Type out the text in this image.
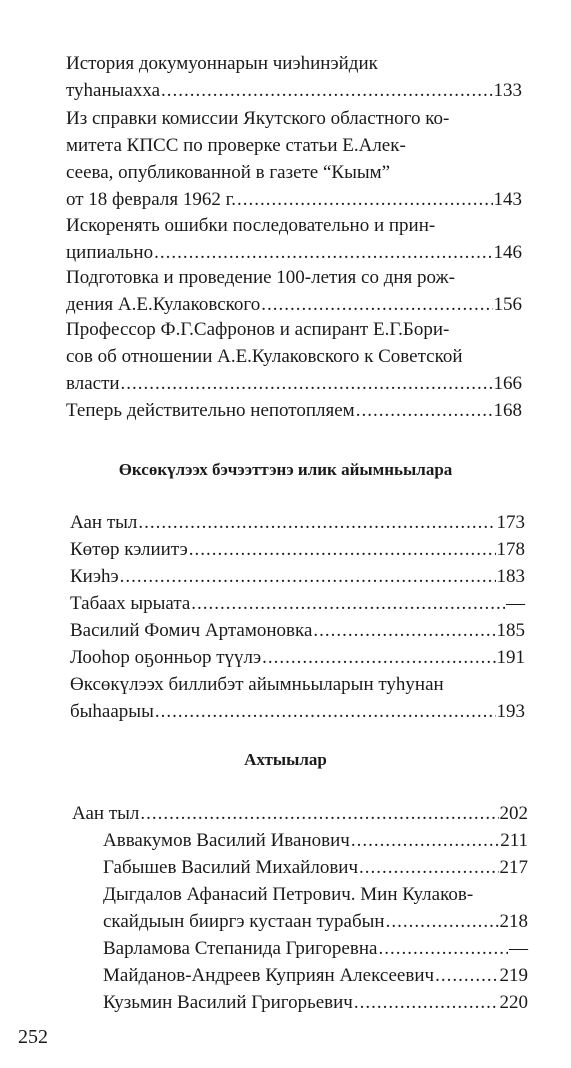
История докумуоннарын чиэһинэйдик
туһаныахха .....	133
Из справки комиссии Якутского областного ко-
митета КПСС по проверке статьи Е.Алек-
сеева, опубликованной в газете “Кыым”
от 18 февраля 1962 г. .....	143
Искоренять ошибки последовательно и прин-
ципиально .....	146
Подготовка и проведение 100-летия со дня рож-
дения А.Е.Кулаковского .....	156
Профессор Ф.Г.Сафронов и аспирант Е.Г.Бори-
сов об отношении А.Е.Кулаковского к Советской
власти .....	166
Теперь действительно непотопляем .....	168
Өксөкүлээх бэчээттэнэ илик айымньылара
Аан тыл .....	173
Көтөр кэлиитэ .....	178
Киэһэ .....	183
Табаах ырыата .....	—
Василий Фомич Артамоновка .....	185
Лооһор оҕонньор түүлэ .....	191
Өксөкүлээх биллибэт айымньыларын туһунан
быһаарыы .....	193
Ахтыылар
Аан тыл .....	202
Аввакумов Василий Иванович .....	211
Габышев Василий Михайлович .....	217
Дыгдалов Афанасий Петрович. Мин Кулаков-
скайдыын бииргэ кустаан турабын .....	218
Варламова Степанида Григоревна .....	—
Майданов-Андреев Куприян Алексеевич .....	219
Кузьмин Василий Григорьевич .....	220
252
